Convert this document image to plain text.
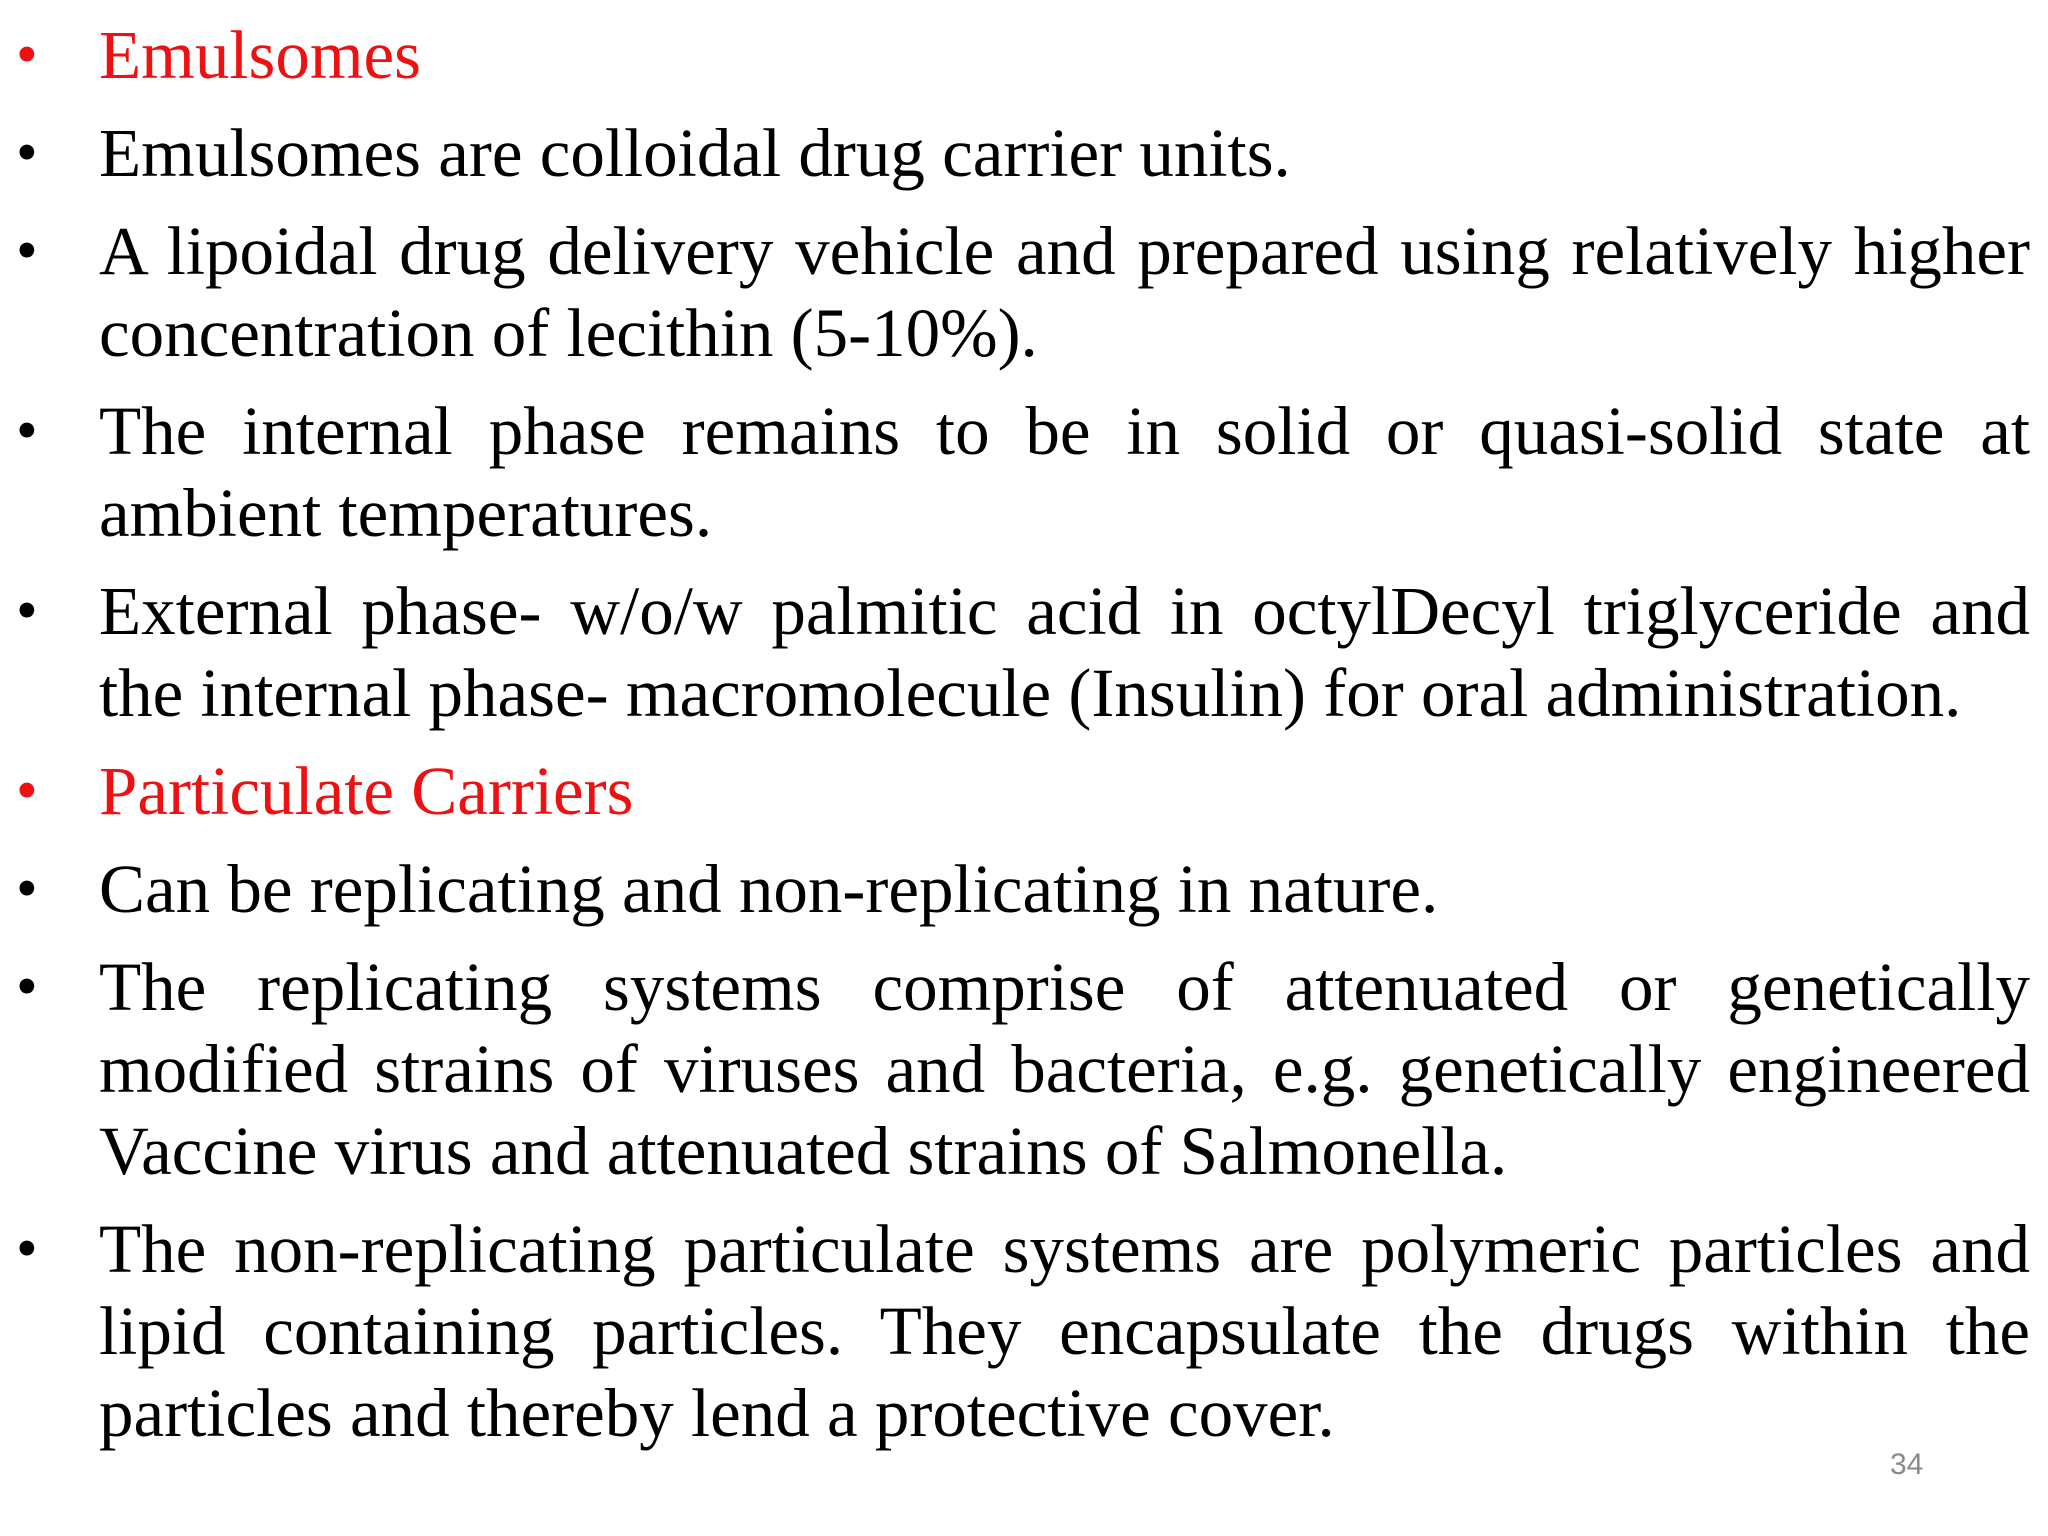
• Emulsomes
• Emulsomes are colloidal drug carrier units.
• A lipoidal drug delivery vehicle and prepared using relatively higher concentration of lecithin (5-10%).
• The internal phase remains to be in solid or quasi-solid state at ambient temperatures.
• External phase- w/o/w palmitic acid in octylDecyl triglyceride and the internal phase- macromolecule (Insulin) for oral administration.
• Particulate Carriers
• Can be replicating and non-replicating in nature.
• The replicating systems comprise of attenuated or genetically modified strains of viruses and bacteria, e.g. genetically engineered Vaccine virus and attenuated strains of Salmonella.
• The non-replicating particulate systems are polymeric particles and lipid containing particles. They encapsulate the drugs within the particles and thereby lend a protective cover.
34
